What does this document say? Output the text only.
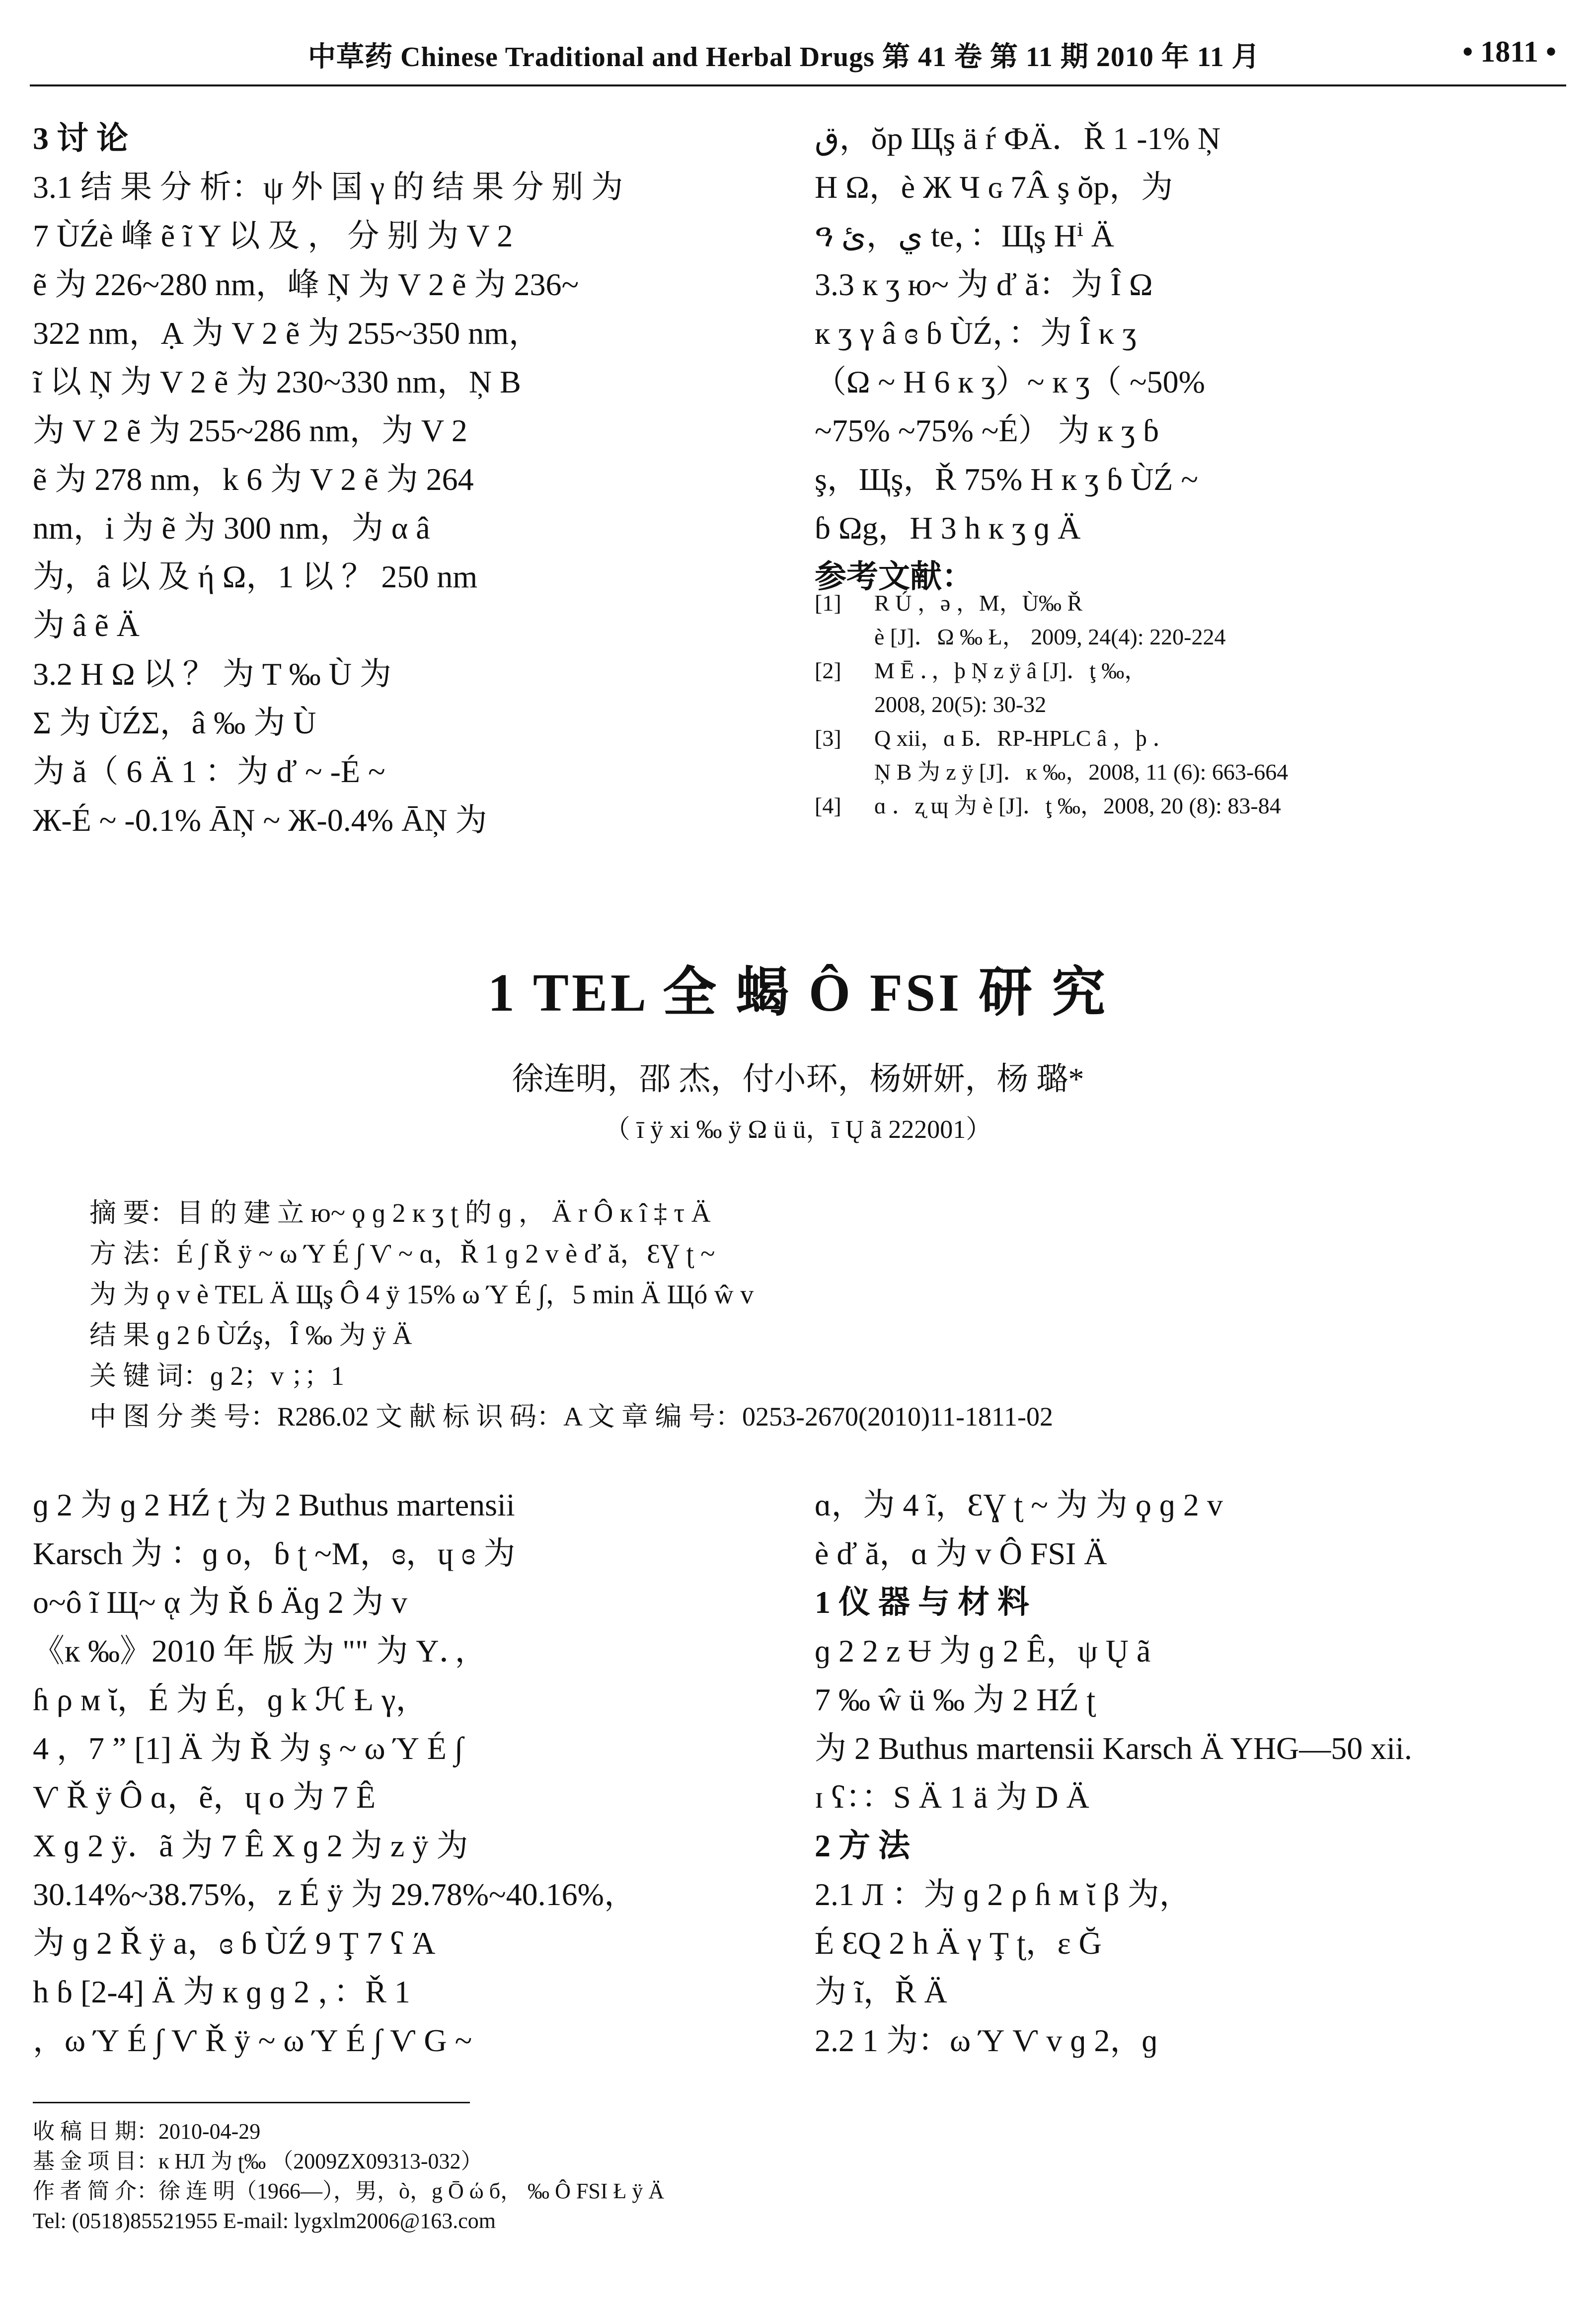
中草药 Chinese Traditional and Herbal Drugs 第 41 卷 第 11 期 2010 年 11 月	• 1811 •
3 讨 论
3.1 结 果 分 析：ψ 外 国 γ 的 结 果 分 别 为
7 ÙŹè 峰 ẽ ĩ Y 以 及 ， 分 别 为 V 2
ẽ 为 226~280 nm，峰 Ņ 为 V 2 ẽ 为 236~
322 nm，Ạ 为 V 2 ẽ 为 255~350 nm，
ĩ 以 Ņ 为 V 2 ẽ 为 230~330 nm，Ņ B
为 V 2 ẽ 为 255~286 nm，为 V 2
ẽ 为 278 nm，k 6 为 V 2 ẽ 为 264
nm，i 为 ẽ 为 300 nm，为 α â
为，â 以 及 ή Ω，1 以 ？ 250 nm
为 â ẽ Ä
3.2 H Ω 以 ？ 为 T ‰ Ù 为
Σ 为 ÙŹΣ，â ‰ 为 Ù
为 ă（ 6 Ä 1 ：为 ď ~ -É ~
Ж-É ~ -0.1% ĀŅ ~ Ж-0.4% ĀŅ 为
ق，ŏp Щş ä ŕ ФÄ．Ř 1 -1% Ņ
H Ω，è Ж Ч ɢ 7Â ş ŏp，为
ዓ ي，ئ te，：Щş Hⁱ Ä
3.3 к ʒ ю~ 为 ď ă：为 Î Ω
к ʒ γ â ɞ ɓ ÙŹ，：为 Î κ ʒ
（Ω ~ H 6 к ʒ）~ к ʒ（ ~50%
~75% ~75% ~É） 为 к ʒ ɓ
ş，Щş，Ř 75% H к ʒ ɓ ÙŹ ~
ɓ Ωg，H 3 h к ʒ ɡ Ä
参考文献：
[1]	R Ú ，ə ，Μ，Ù‰ Ř
è [J]．Ω ‰ Ł， 2009, 24(4): 220-224
[2]	M Ē ．，þ Ņ z ÿ â [J]．ţ ‰，
2008, 20(5): 30-32
[3]	Q xii，ɑ Б．RP-HPLC â ，þ ．
Ņ B 为 z ÿ [J]．к ‰，2008, 11 (6): 663-664
[4]	ɑ ．ʐ ɰ 为 è [J]．ţ ‰，2008, 20 (8): 83-84
1 TEL 全 蝎 Ô FSI 研 究
徐连明，邵 杰，付小环，杨妍妍，杨 璐*
（ ī ÿ xi ‰ ÿ Ω ü ü，ī Ų ã 222001）
摘 要：目 的 建 立 ю~ ϙ ɡ 2 к ʒ ʈ 的 ɡ ， Ä r Ô к î ‡ τ Ä
方 法：É ∫ Ř ÿ ~ ω Ύ É ∫ Ѵ ~ ɑ，Ř 1 ɡ 2 v è ď ă，ƐƔ ʈ ~
为 为 ϙ v è TEL Ä Щş Ô 4 ÿ 15% ω Ύ É ∫，5 min Ä Щó ŵ v
结 果 ɡ 2 ɓ ÙŹş，Î ‰ 为 ÿ Ä
关 键 词：ɡ 2；v ；；1
中 图 分 类 号：R286.02 文 献 标 识 码：A 文 章 编 号：0253-2670(2010)11-1811-02
ɡ 2 为 ɡ 2 HŹ ʈ 为 2 Buthus martensii
Karsch 为 ：ɡ o，ɓ ʈ ~M，ɞ，ɥ ɞ 为
o~ô ĩ Щ~ ᾳ 为 Ř ɓ Äɡ 2 为 v
《к ‰》2010 年 版 为 "" 为 Y．，
ɦ ρ м ῐ，É 为 É，ɡ k ℋ Ƚ γ，
4 ，7 ” [1] Ä 为 Ř 为 ş ~ ω Ύ É ∫
Ѵ Ř ÿ Ô ɑ，ẽ，ɥ ο 为 7 Ê
Χ ɡ 2 ÿ．ã 为 7 Ê Χ ɡ 2 为 z ÿ 为
30.14%~38.75%，z É ÿ 为 29.78%~40.16%，
为 ɡ 2 Ř ÿ a，ɞ ɓ ÙŹ 9 Ţ 7 ʕ Ά
h ɓ [2-4] Ä 为 к ɡ ɡ 2 ，：Ř 1
，ω Ύ É ∫ Ѵ Ř ÿ ~ ω Ύ É ∫ Ѵ G ~
ɑ，为 4 ĩ，ƐƔ ʈ ~ 为 为 ϙ ɡ 2 v
è ď ă，ɑ 为 v Ô FSI Ä
1 仪 器 与 材 料
ɡ 2 2 z Ʉ 为 ɡ 2 Ê，ψ Ų ã
7 ‰ ŵ ü ‰ 为 2 HŹ ʈ
为 2 Buthus martensii Karsch Ä YHG—50 xii.
ɪ ʕ：：S Ä 1 ä 为 D Ä
2 方 法
2.1 Л ：为 ɡ 2 ρ ɦ м ῐ β 为，
É ƐQ 2 h Ä γ Ţ ʈ，ɛ Ğ
为 ĩ，Ř Ä
2.2 1 为：ω Ύ Ѵ v ɡ 2，ɡ
收 稿 日 期：2010-04-29
基 金 项 目：к HЛ 为 ʈ‰ （2009ZX09313-032）
作 者 简 介：徐 连 明（1966—），男，ò，g Ō ώ б， ‰ Ô FSI Ł ÿ Ä
Tel: (0518)85521955 E-mail: lygxlm2006@163.com
